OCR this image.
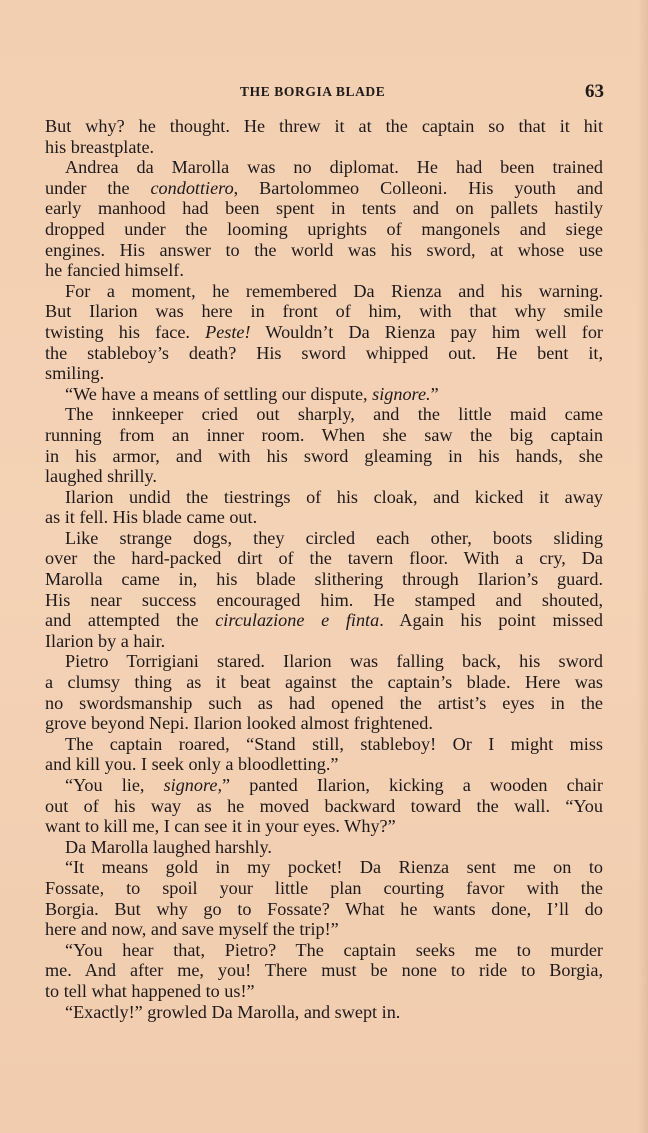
THE BORGIA BLADE	63
But why? he thought. He threw it at the captain so that it hit
his breastplate.
Andrea da Marolla was no diplomat. He had been trained
under the condottiero, Bartolommeo Colleoni. His youth and
early manhood had been spent in tents and on pallets hastily
dropped under the looming uprights of mangonels and siege
engines. His answer to the world was his sword, at whose use
he fancied himself.
For a moment, he remembered Da Rienza and his warning.
But Ilarion was here in front of him, with that why smile
twisting his face. Peste! Wouldn’t Da Rienza pay him well for
the stableboy’s death? His sword whipped out. He bent it,
smiling.
“We have a means of settling our dispute, signore.”
The innkeeper cried out sharply, and the little maid came
running from an inner room. When she saw the big captain
in his armor, and with his sword gleaming in his hands, she
laughed shrilly.
Ilarion undid the tiestrings of his cloak, and kicked it away
as it fell. His blade came out.
Like strange dogs, they circled each other, boots sliding
over the hard-packed dirt of the tavern floor. With a cry, Da
Marolla came in, his blade slithering through Ilarion’s guard.
His near success encouraged him. He stamped and shouted,
and attempted the circulazione e finta. Again his point missed
Ilarion by a hair.
Pietro Torrigiani stared. Ilarion was falling back, his sword
a clumsy thing as it beat against the captain’s blade. Here was
no swordsmanship such as had opened the artist’s eyes in the
grove beyond Nepi. Ilarion looked almost frightened.
The captain roared, “Stand still, stableboy! Or I might miss
and kill you. I seek only a bloodletting.”
“You lie, signore,” panted Ilarion, kicking a wooden chair
out of his way as he moved backward toward the wall. “You
want to kill me, I can see it in your eyes. Why?”
Da Marolla laughed harshly.
“It means gold in my pocket! Da Rienza sent me on to
Fossate, to spoil your little plan courting favor with the
Borgia. But why go to Fossate? What he wants done, I’ll do
here and now, and save myself the trip!”
“You hear that, Pietro? The captain seeks me to murder
me. And after me, you! There must be none to ride to Borgia,
to tell what happened to us!”
“Exactly!” growled Da Marolla, and swept in.
